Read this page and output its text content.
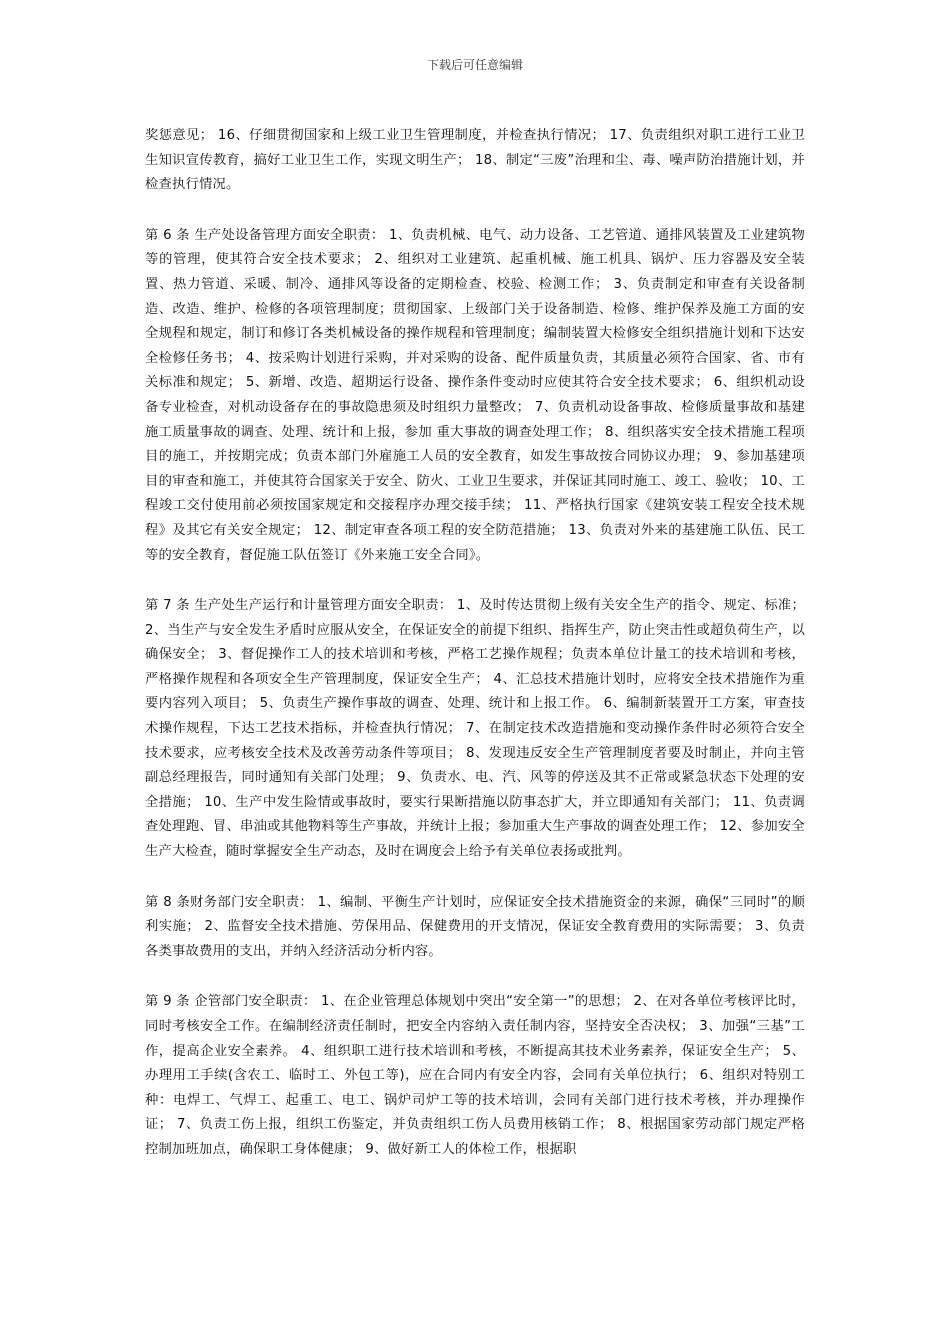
下载后可任意编辑

奖惩意见； 16、仔细贯彻国家和上级工业卫生管理制度，并检查执行情况； 17、负责组织对职工进行工业卫生知识宣传教育，搞好工业卫生工作，实现文明生产； 18、制定“三废”治理和尘、毒、噪声防治措施计划，并检查执行情况。

第 6 条 生产处设备管理方面安全职责： 1、负责机械、电气、动力设备、工艺管道、通排风装置及工业建筑物等的管理，使其符合安全技术要求； 2、组织对工业建筑、起重机械、施工机具、锅炉、压力容器及安全装置、热力管道、采暖、制冷、通排风等设备的定期检查、校验、检测工作； 3、负责制定和审查有关设备制造、改造、维护、检修的各项管理制度；贯彻国家、上级部门关于设备制造、检修、维护保养及施工方面的安全规程和规定，制订和修订各类机械设备的操作规程和管理制度；编制装置大检修安全组织措施计划和下达安全检修任务书； 4、按采购计划进行采购，并对采购的设备、配件质量负责，其质量必须符合国家、省、市有关标准和规定； 5、新增、改造、超期运行设备、操作条件变动时应使其符合安全技术要求； 6、组织机动设备专业检查，对机动设备存在的事故隐患须及时组织力量整改； 7、负责机动设备事故、检修质量事故和基建施工质量事故的调查、处理、统计和上报，参加 重大事故的调查处理工作； 8、组织落实安全技术措施工程项目的施工，并按期完成；负责本部门外雇施工人员的安全教育，如发生事故按合同协议办理； 9、参加基建项目的审查和施工，并使其符合国家关于安全、防火、工业卫生要求，并保证其同时施工、竣工、验收； 10、工程竣工交付使用前必须按国家规定和交接程序办理交接手续； 11、严格执行国家《建筑安装工程安全技术规程》及其它有关安全规定； 12、制定审查各项工程的安全防范措施； 13、负责对外来的基建施工队伍、民工等的安全教育，督促施工队伍签订《外来施工安全合同》。

第 7 条 生产处生产运行和计量管理方面安全职责： 1、及时传达贯彻上级有关安全生产的指令、规定、标准； 2、当生产与安全发生矛盾时应服从安全，在保证安全的前提下组织、指挥生产，防止突击性或超负荷生产，以确保安全； 3、督促操作工人的技术培训和考核，严格工艺操作规程；负责本单位计量工的技术培训和考核，严格操作规程和各项安全生产管理制度，保证安全生产； 4、汇总技术措施计划时，应将安全技术措施作为重要内容列入项目； 5、负责生产操作事故的调查、处理、统计和上报工作。 6、编制新装置开工方案，审查技术操作规程，下达工艺技术指标，并检查执行情况； 7、在制定技术改造措施和变动操作条件时必须符合安全技术要求，应考核安全技术及改善劳动条件等项目； 8、发现违反安全生产管理制度者要及时制止，并向主管副总经理报告，同时通知有关部门处理； 9、负责水、电、汽、风等的停送及其不正常或紧急状态下处理的安全措施； 10、生产中发生险情或事故时，要实行果断措施以防事态扩大，并立即通知有关部门； 11、负责调查处理跑、冒、串油或其他物料等生产事故，并统计上报；参加重大生产事故的调查处理工作； 12、参加安全生产大检查，随时掌握安全生产动态，及时在调度会上给予有关单位表扬或批判。

第 8 条财务部门安全职责： 1、编制、平衡生产计划时，应保证安全技术措施资金的来源，确保“三同时”的顺利实施； 2、监督安全技术措施、劳保用品、保健费用的开支情况，保证安全教育费用的实际需要； 3、负责各类事故费用的支出，并纳入经济活动分析内容。

第 9 条 企管部门安全职责： 1、在企业管理总体规划中突出“安全第一”的思想； 2、在对各单位考核评比时，同时考核安全工作。在编制经济责任制时，把安全内容纳入责任制内容，坚持安全否决权； 3、加强“三基”工作，提高企业安全素养。 4、组织职工进行技术培训和考核，不断提高其技术业务素养，保证安全生产； 5、办理用工手续(含农工、临时工、外包工等)，应在合同内有安全内容，会同有关单位执行； 6、组织对特别工种：电焊工、气焊工、起重工、电工、锅炉司炉工等的技术培训，会同有关部门进行技术考核，并办理操作证； 7、负责工伤上报，组织工伤鉴定，并负责组织工伤人员费用核销工作； 8、根据国家劳动部门规定严格控制加班加点，确保职工身体健康； 9、做好新工人的体检工作，根据职
